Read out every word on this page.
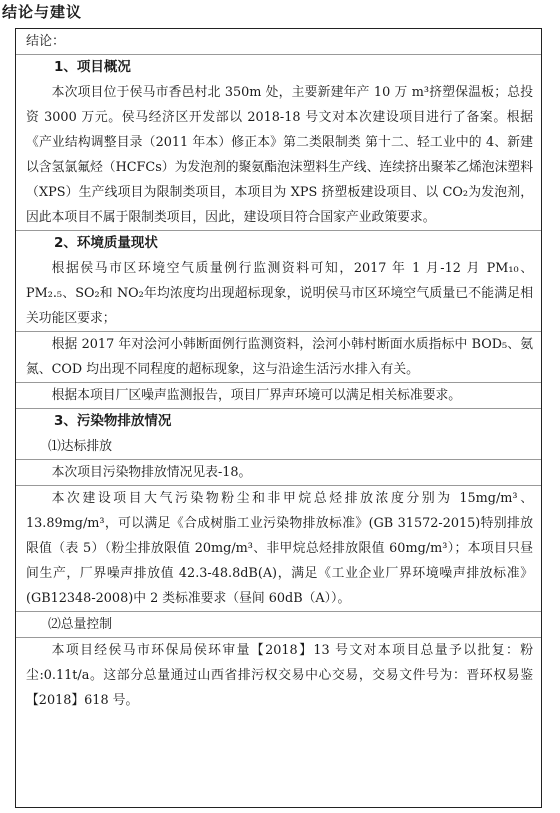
结论与建议
结论：
1、项目概况
本次项目位于侯马市香邑村北 350m 处，主要新建年产 10 万 m³挤塑保温板；总投资 3000 万元。侯马经济区开发部以 2018-18 号文对本次建设项目进行了备案。根据《产业结构调整目录（2011 年本）修正本》第二类限制类 第十二、轻工业中的 4、新建以含氢氯氟烃（HCFCs）为发泡剂的聚氨酯泡沫塑料生产线、连续挤出聚苯乙烯泡沫塑料（XPS）生产线项目为限制类项目，本项目为 XPS 挤塑板建设项目、以 CO₂为发泡剂，因此本项目不属于限制类项目，因此，建设项目符合国家产业政策要求。
2、环境质量现状
根据侯马市区环境空气质量例行监测资料可知，2017 年 1 月-12 月 PM₁₀、PM₂.₅、SO₂和 NO₂年均浓度均出现超标现象，说明侯马市区环境空气质量已不能满足相关功能区要求；
根据 2017 年对浍河小韩断面例行监测资料，浍河小韩村断面水质指标中 BOD₅、氨氮、COD 均出现不同程度的超标现象，这与沿途生活污水排入有关。
根据本项目厂区噪声监测报告，项目厂界声环境可以满足相关标准要求。
3、污染物排放情况
⑴达标排放
本次项目污染物排放情况见表-18。
本次建设项目大气污染物粉尘和非甲烷总烃排放浓度分别为 15mg/m³、13.89mg/m³，可以满足《合成树脂工业污染物排放标准》(GB 31572-2015)特别排放限值（表 5）（粉尘排放限值 20mg/m³、非甲烷总烃排放限值 60mg/m³）；本项目只昼间生产，厂界噪声排放值 42.3-48.8dB(A)，满足《工业企业厂界环境噪声排放标准》(GB12348-2008)中 2 类标准要求（昼间 60dB（A））。
⑵总量控制
本项目经侯马市环保局侯环审量【2018】13 号文对本项目总量予以批复：粉尘:0.11t/a。这部分总量通过山西省排污权交易中心交易，交易文件号为：晋环权易鉴【2018】618 号。
